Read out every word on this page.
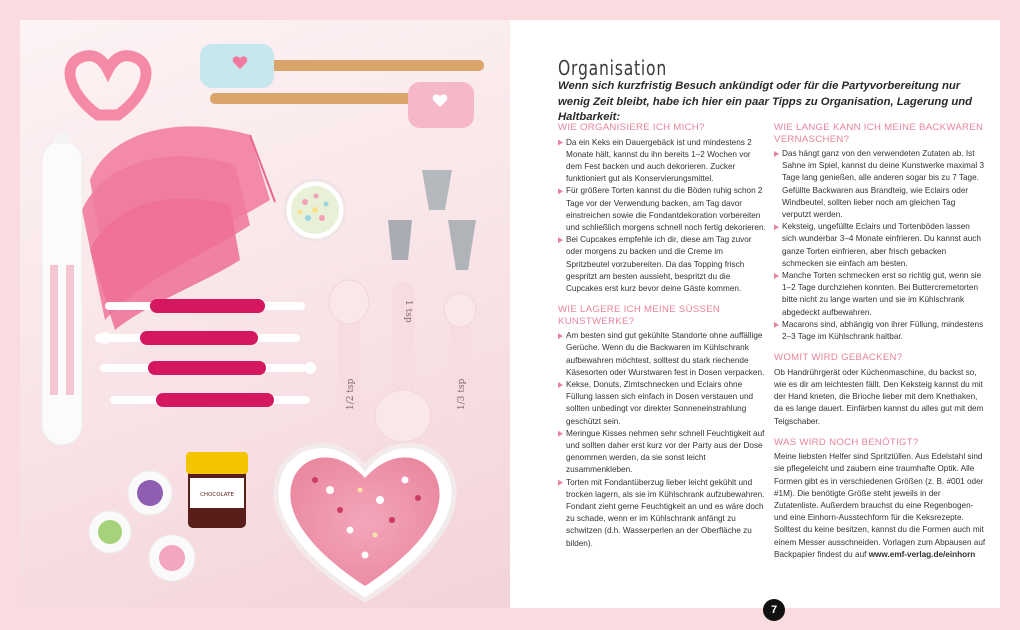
1/2 tsp
1 tsp
1/3 tsp
CHOCOLATE
Organisation
Wenn sich kurzfristig Besuch ankündigt oder für die Partyvorbereitung nur wenig Zeit bleibt, habe ich hier ein paar Tipps zu Organisation, Lagerung und Haltbarkeit:
WIE ORGANISIERE ICH MICH?
Da ein Keks ein Dauergebäck ist und mindestens 2 Monate hält, kannst du ihn bereits 1–2 Wochen vor dem Fest backen und auch dekorieren. Zucker funktioniert gut als Konservierungsmittel.
Für größere Torten kannst du die Böden ruhig schon 2 Tage vor der Verwendung backen, am Tag davor einstreichen sowie die Fondantdekoration vorbereiten und schließlich morgens schnell noch fertig dekorieren.
Bei Cupcakes empfehle ich dir, diese am Tag zuvor oder morgens zu backen und die Creme im Spritzbeutel vorzubereiten. Da das Topping frisch gespritzt am besten aussieht, bespritzt du die Cupcakes erst kurz bevor deine Gäste kommen.
WIE LAGERE ICH MEINE SÜSSEN KUNSTWERKE?
Am besten sind gut gekühlte Standorte ohne auffällige Gerüche. Wenn du die Backwaren im Kühlschrank aufbewahren möchtest, solltest du stark riechende Käsesorten oder Wurstwaren fest in Dosen verpacken.
Kekse, Donuts, Zimtschnecken und Eclairs ohne Füllung lassen sich einfach in Dosen verstauen und sollten unbedingt vor direkter Sonneneinstrahlung geschützt sein.
Meringue Kisses nehmen sehr schnell Feuchtigkeit auf und sollten daher erst kurz vor der Party aus der Dose genommen werden, da sie sonst leicht zusammenkleben.
Torten mit Fondantüberzug lieber leicht gekühlt und trocken lagern, als sie im Kühlschrank aufzubewahren. Fondant zieht gerne Feuchtigkeit an und es wäre doch zu schade, wenn er im Kühlschrank anfängt zu schwitzen (d.h. Wasserperlen an der Oberfläche zu bilden).
WIE LANGE KANN ICH MEINE BACKWAREN VERNASCHEN?
Das hängt ganz von den verwendeten Zutaten ab. Ist Sahne im Spiel, kannst du deine Kunstwerke maximal 3 Tage lang genießen, alle anderen sogar bis zu 7 Tage. Gefüllte Backwaren aus Brandteig, wie Eclairs oder Windbeutel, sollten lieber noch am gleichen Tag verputzt werden.
Keksteig, ungefüllte Eclairs und Tortenböden lassen sich wunderbar 3–4 Monate einfrieren. Du kannst auch ganze Torten einfrieren, aber frisch gebacken schmecken sie einfach am besten.
Manche Torten schmecken erst so richtig gut, wenn sie 1–2 Tage durchziehen konnten. Bei Buttercremetorten bitte nicht zu lange warten und sie im Kühlschrank abgedeckt aufbewahren.
Macarons sind, abhängig von ihrer Füllung, mindestens 2–3 Tage im Kühlschrank haltbar.
WOMIT WIRD GEBACKEN?
Ob Handrührgerät oder Küchenmaschine, du backst so, wie es dir am leichtesten fällt. Den Keksteig kannst du mit der Hand kneten, die Brioche lieber mit dem Knethaken, da es lange dauert. Einfärben kannst du alles gut mit dem Teigschaber.
WAS WIRD NOCH BENÖTIGT?
Meine liebsten Helfer sind Spritztüllen. Aus Edelstahl sind sie pflegeleicht und zaubern eine traumhafte Optik. Alle Formen gibt es in verschiedenen Größen (z. B. #001 oder #1M). Die benötigte Größe steht jeweils in der Zutatenliste. Außerdem brauchst du eine Regenbogen- und eine Einhorn-Ausstechform für die Keksrezepte. Solltest du keine besitzen, kannst du die Formen auch mit einem Messer ausschneiden. Vorlagen zum Abpausen auf Backpapier findest du auf www.emf-verlag.de/einhorn
7
